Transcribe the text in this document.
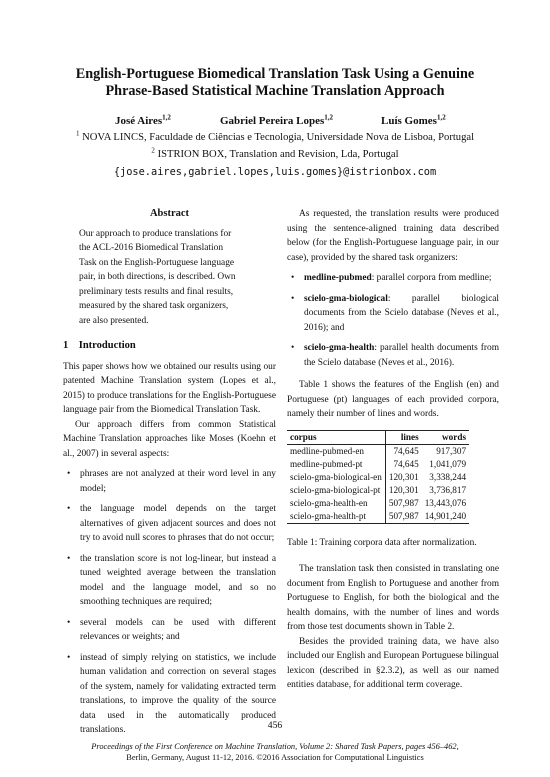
English-Portuguese Biomedical Translation Task Using a Genuine
Phrase-Based Statistical Machine Translation Approach
José Aires$^{1,2}$	Gabriel Pereira Lopes$^{1,2}$	Luís Gomes$^{1,2}$
$^1$ NOVA LINCS, Faculdade de Ciências e Tecnologia, Universidade Nova de Lisboa, Portugal
$^2$ ISTRION BOX, Translation and Revision, Lda, Portugal
{jose.aires,gabriel.lopes,luis.gomes}@istrionbox.com
Abstract
Our approach to produce translations for
the ACL-2016 Biomedical Translation
Task on the English-Portuguese language
pair, in both directions, is described. Own
preliminary tests results and final results,
measured by the shared task organizers,
are also presented.
1 Introduction

This paper shows how we obtained our results using our patented Machine Translation system (Lopes et al., 2015) to produce translations for the English-Portuguese language pair from the Biomedical Translation Task.

Our approach differs from common Statistical Machine Translation approaches like Moses (Koehn et al., 2007) in several aspects:

• phrases are not analyzed at their word level in any model;
• the language model depends on the target alternatives of given adjacent sources and does not try to avoid null scores to phrases that do not occur;
• the translation score is not log-linear, but instead a tuned weighted average between the translation model and the language model, and so no smoothing techniques are required;
• several models can be used with different relevances or weights; and
• instead of simply relying on statistics, we include human validation and correction on several stages of the system, namely for validating extracted term translations, to improve the quality of the source data used in the automatically produced translations.

As requested, the translation results were produced using the sentence-aligned training data described below (for the English-Portuguese language pair, in our case), provided by the shared task organizers:

• medline-pubmed: parallel corpora from medline;
• scielo-gma-biological: parallel biological documents from the Scielo database (Neves et al., 2016); and
• scielo-gma-health: parallel health documents from the Scielo database (Neves et al., 2016).

Table 1 shows the features of the English (en) and Portuguese (pt) languages of each provided corpora, namely their number of lines and words.

corpus	lines	words
medline-pubmed-en	74,645	917,307
medline-pubmed-pt	74,645	1,041,079
scielo-gma-biological-en	120,301	3,338,244
scielo-gma-biological-pt	120,301	3,736,817
scielo-gma-health-en	507,987	13,443,076
scielo-gma-health-pt	507,987	14,901,240
Table 1: Training corpora data after normalization.

The translation task then consisted in translating one document from English to Portuguese and another from Portuguese to English, for both the biological and the health domains, with the number of lines and words from those test documents shown in Table 2.

Besides the provided training data, we have also included our English and European Portuguese bilingual lexicon (described in §2.3.2), as well as our named entities database, for additional term coverage.

456
Proceedings of the First Conference on Machine Translation, Volume 2: Shared Task Papers, pages 456–462,
Berlin, Germany, August 11-12, 2016. ©2016 Association for Computational Linguistics
